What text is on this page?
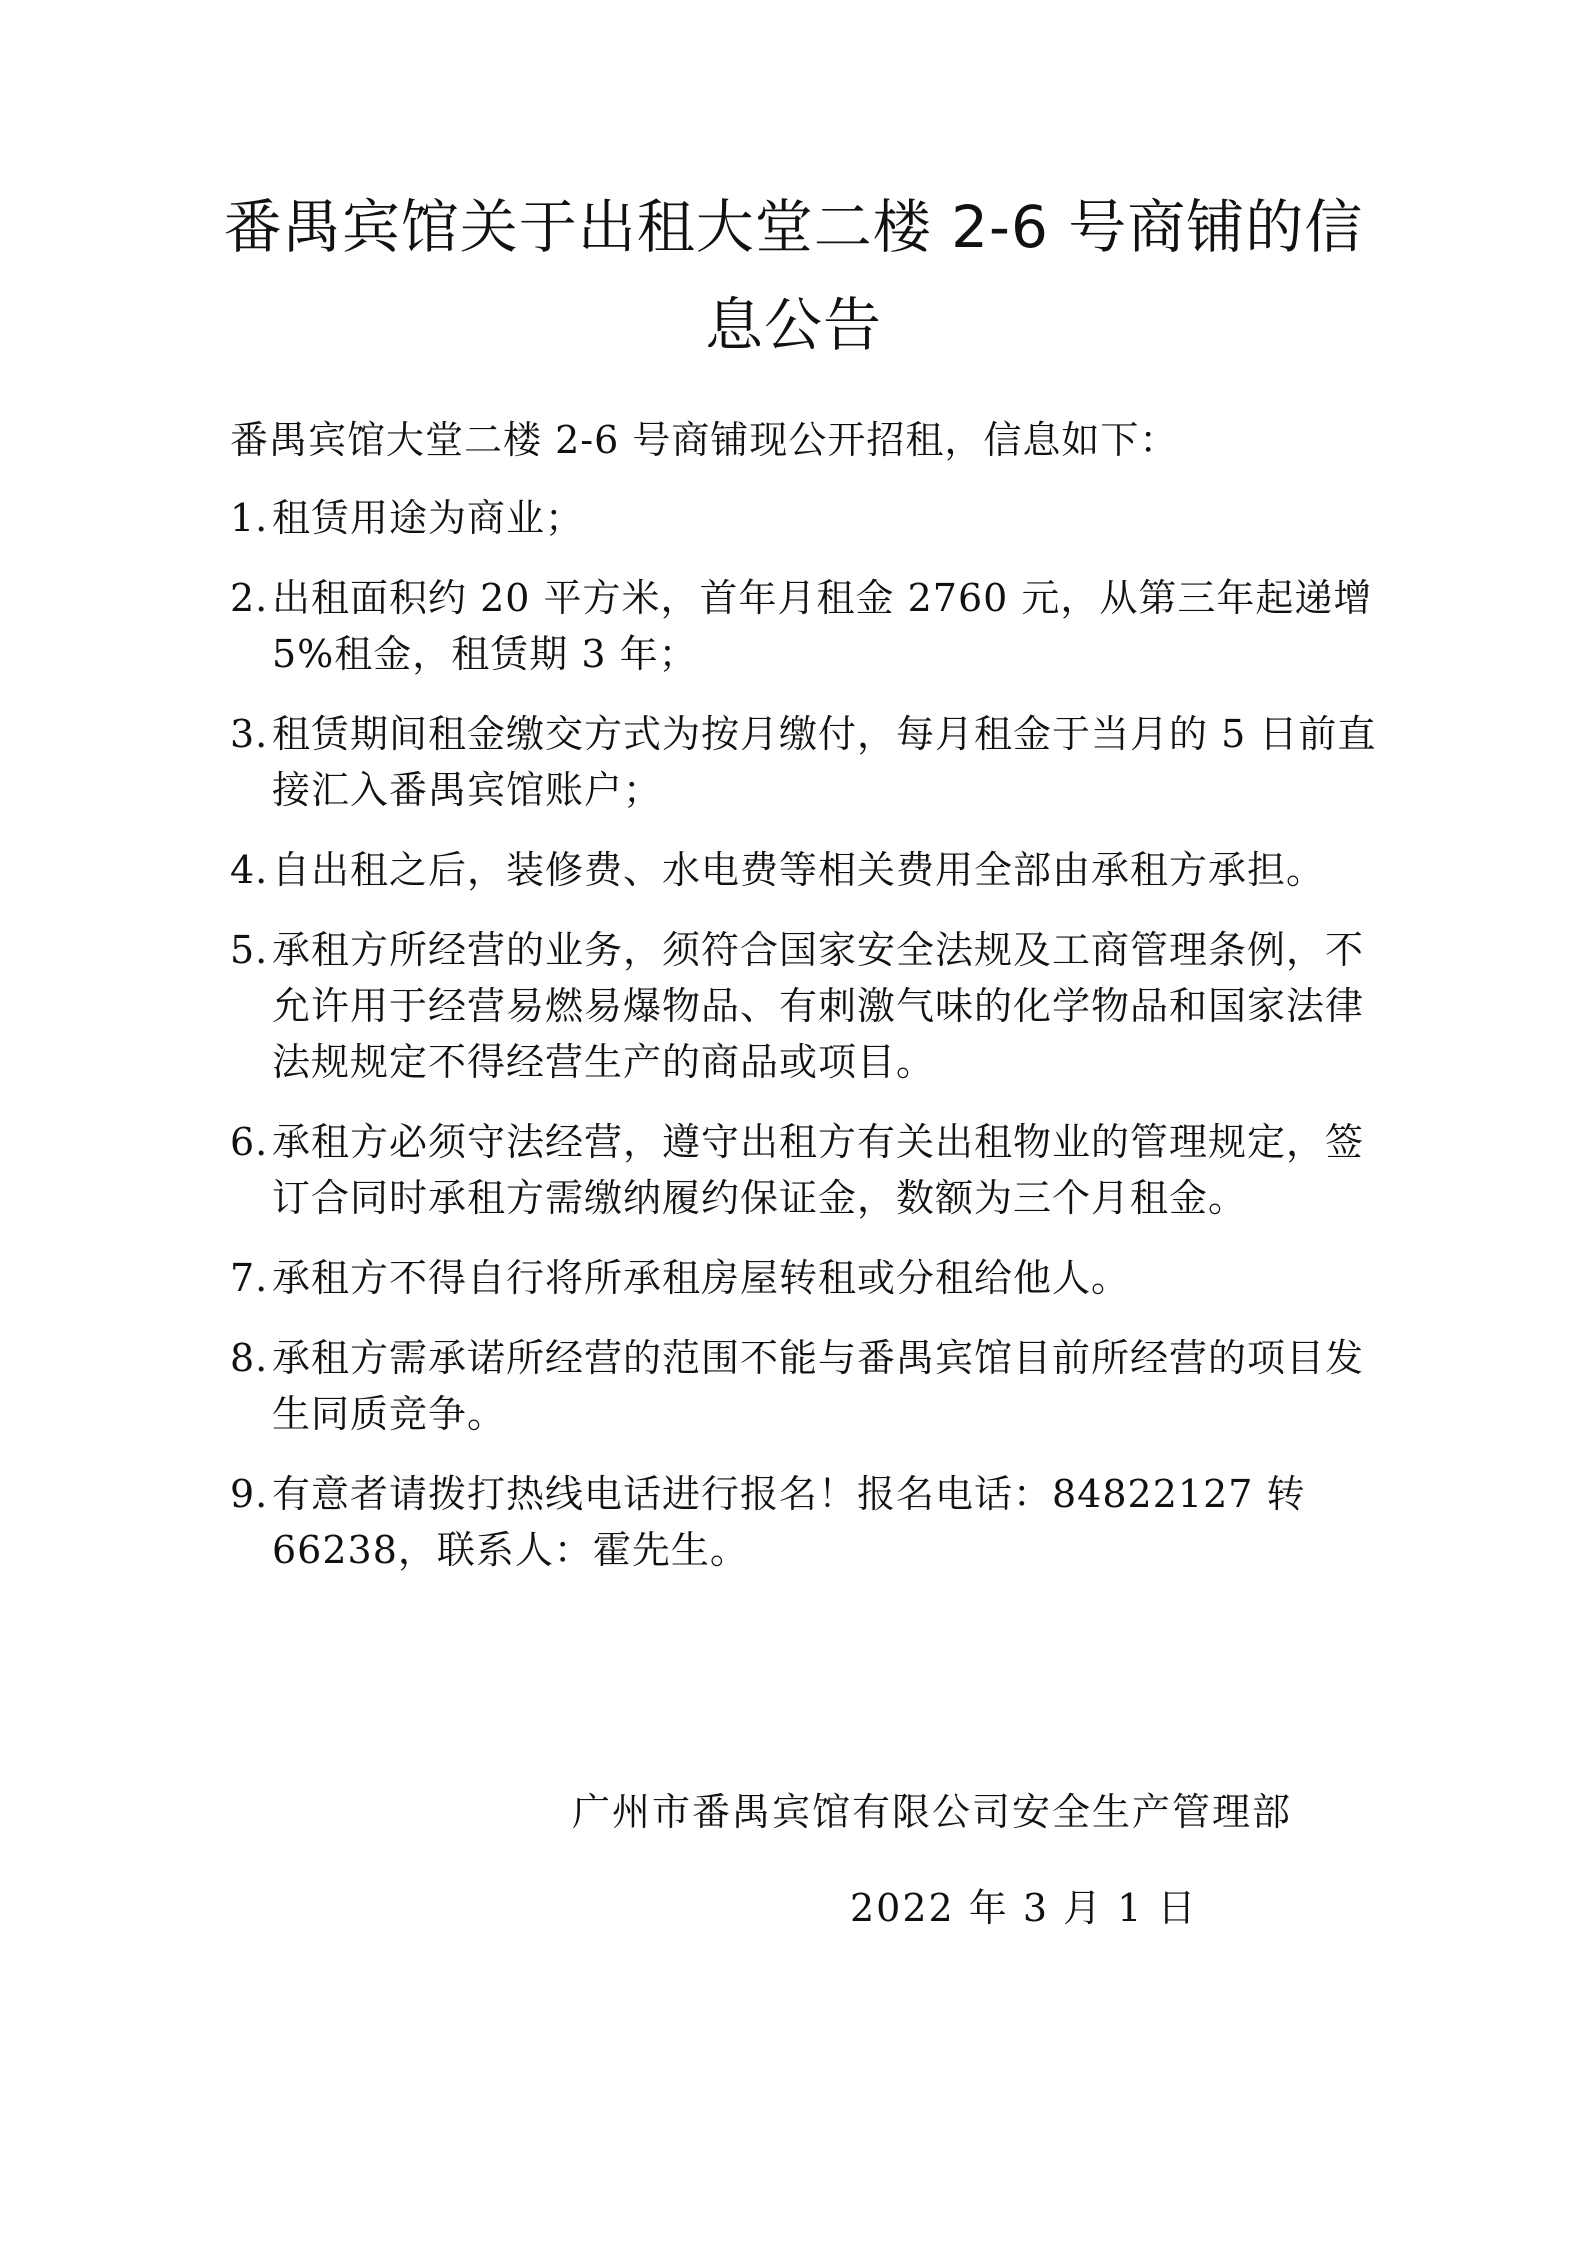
番禺宾馆关于出租大堂二楼 2-6 号商铺的信
息公告
番禺宾馆大堂二楼 2-6 号商铺现公开招租，信息如下：
1. 租赁用途为商业；
2. 出租面积约 20 平方米，首年月租金 2760 元，从第三年起递增 5%租金，租赁期 3 年；
3. 租赁期间租金缴交方式为按月缴付，每月租金于当月的 5 日前直接汇入番禺宾馆账户；
4. 自出租之后，装修费、水电费等相关费用全部由承租方承担。
5. 承租方所经营的业务，须符合国家安全法规及工商管理条例，不允许用于经营易燃易爆物品、有刺激气味的化学物品和国家法律法规规定不得经营生产的商品或项目。
6. 承租方必须守法经营，遵守出租方有关出租物业的管理规定，签订合同时承租方需缴纳履约保证金，数额为三个月租金。
7. 承租方不得自行将所承租房屋转租或分租给他人。
8. 承租方需承诺所经营的范围不能与番禺宾馆目前所经营的项目发生同质竞争。
9. 有意者请拨打热线电话进行报名！报名电话：84822127 转 66238，联系人：霍先生。
广州市番禺宾馆有限公司安全生产管理部
2022 年 3 月 1 日
